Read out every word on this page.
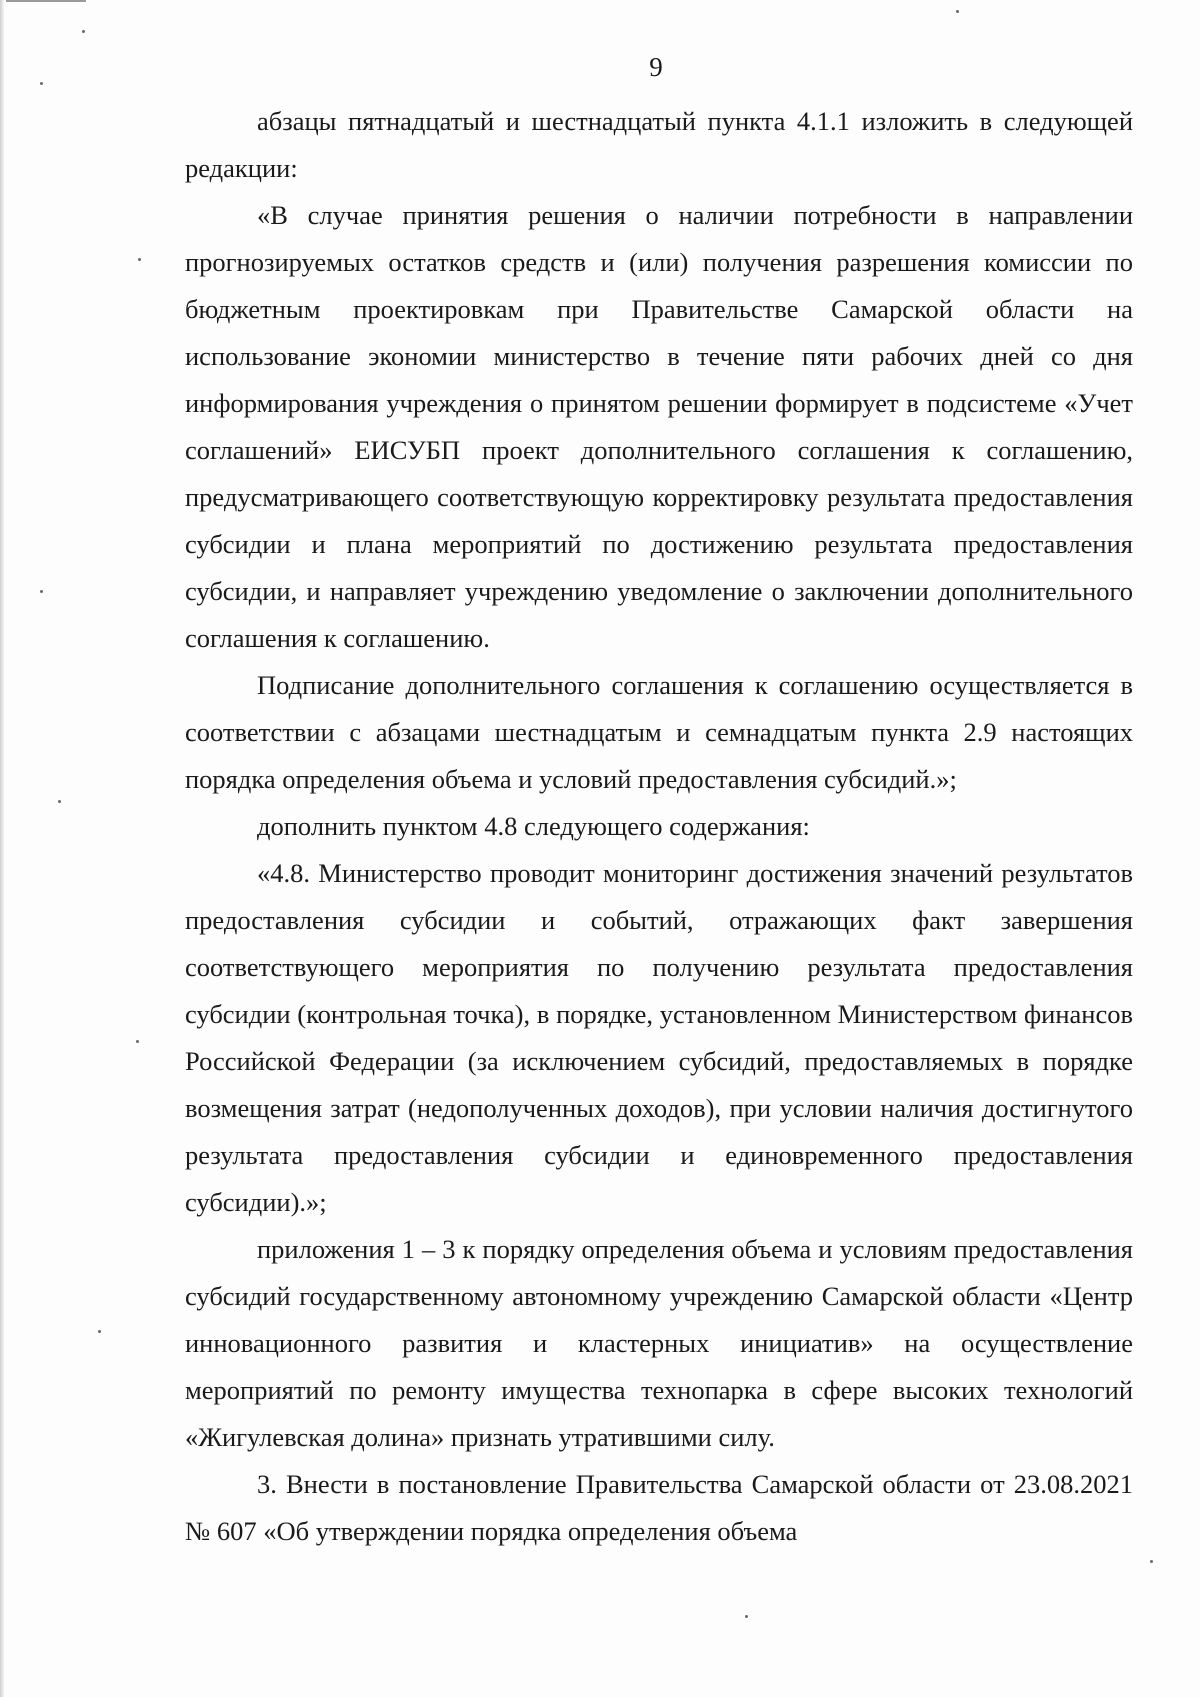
9

абзацы пятнадцатый и шестнадцатый пункта 4.1.1 изложить в следующей редакции:

«В случае принятия решения о наличии потребности в направлении прогнозируемых остатков средств и (или) получения разрешения комиссии по бюджетным проектировкам при Правительстве Самарской области на использование экономии министерство в течение пяти рабочих дней со дня информирования учреждения о принятом решении формирует в подсистеме «Учет соглашений» ЕИСУБП проект дополнительного соглашения к соглашению, предусматривающего соответствующую корректировку результата предоставления субсидии и плана мероприятий по достижению результата предоставления субсидии, и направляет учреждению уведомление о заключении дополнительного соглашения к соглашению.

Подписание дополнительного соглашения к соглашению осуществляется в соответствии с абзацами шестнадцатым и семнадцатым пункта 2.9 настоящих порядка определения объема и условий предоставления субсидий.»;

дополнить пунктом 4.8 следующего содержания:

«4.8. Министерство проводит мониторинг достижения значений результатов предоставления субсидии и событий, отражающих факт завершения соответствующего мероприятия по получению результата предоставления субсидии (контрольная точка), в порядке, установленном Министерством финансов Российской Федерации (за исключением субсидий, предоставляемых в порядке возмещения затрат (недополученных доходов), при условии наличия достигнутого результата предоставления субсидии и единовременного предоставления субсидии).»;

приложения 1 – 3 к порядку определения объема и условиям предоставления субсидий государственному автономному учреждению Самарской области «Центр инновационного развития и кластерных инициатив» на осуществление мероприятий по ремонту имущества технопарка в сфере высоких технологий «Жигулевская долина» признать утратившими силу.

3. Внести в постановление Правительства Самарской области от 23.08.2021 № 607 «Об утверждении порядка определения объема
